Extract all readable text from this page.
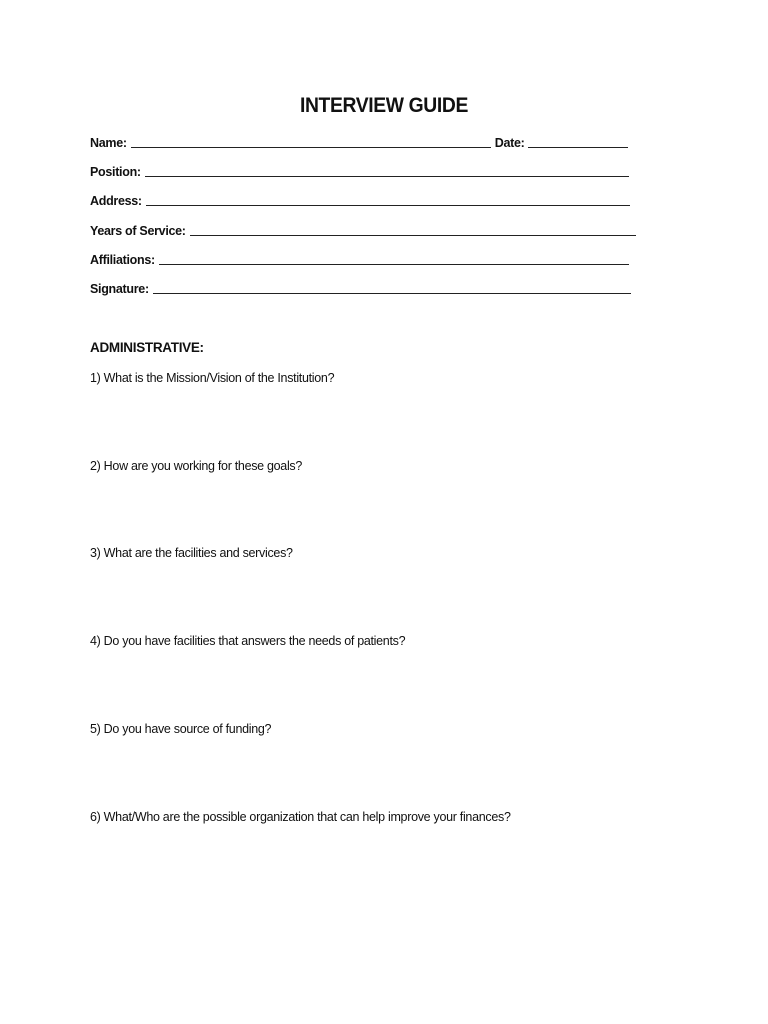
INTERVIEW GUIDE
Name:	Date:
Position:
Address:
Years of Service:
Affiliations:
Signature:
ADMINISTRATIVE:
1) What is the Mission/Vision of the Institution?
2) How are you working for these goals?
3) What are the facilities and services?
4) Do you have facilities that answers the needs of patients?
5) Do you have source of funding?
6) What/Who are the possible organization that can help improve your finances?
